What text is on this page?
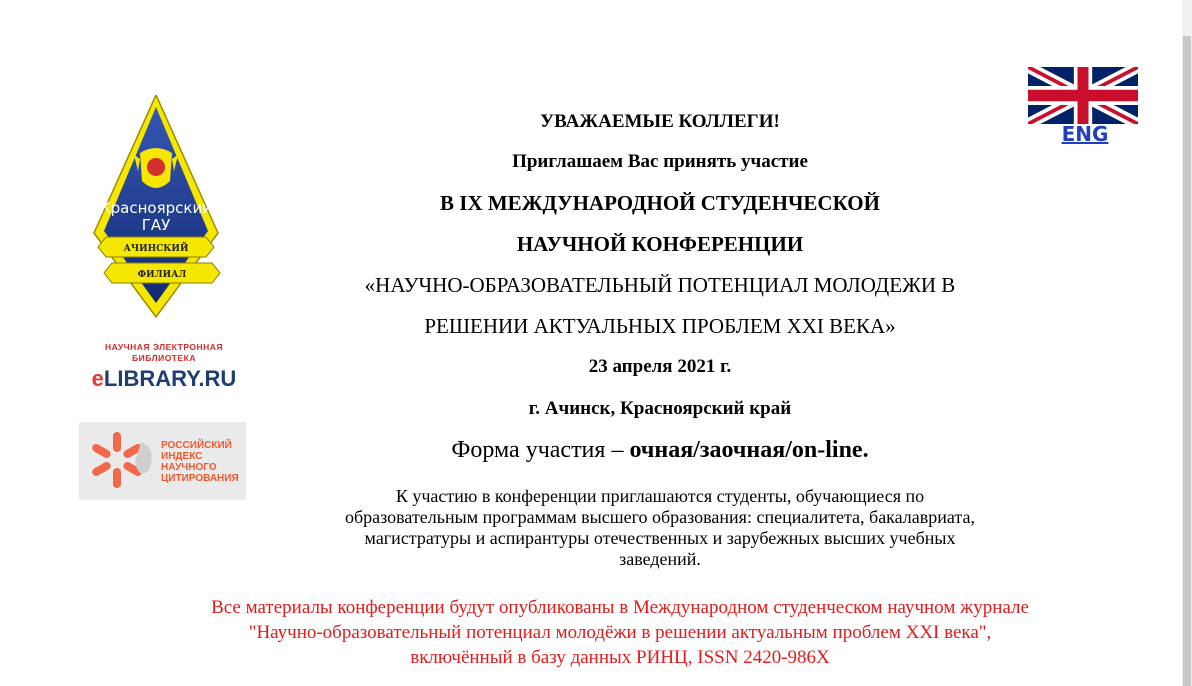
Красноярский
ГАУ
АЧИНСКИЙ
ФИЛИАЛ
НАУЧНАЯ ЭЛЕКТРОННАЯ
БИБЛИОТЕКА
eLIBRARY.RU
РОССИЙСКИЙ
ИНДЕКС
НАУЧНОГО
ЦИТИРОВАНИЯ
ENG
УВАЖАЕМЫЕ КОЛЛЕГИ!
Приглашаем Вас принять участие
В IX МЕЖДУНАРОДНОЙ СТУДЕНЧЕСКОЙ
НАУЧНОЙ КОНФЕРЕНЦИИ
«НАУЧНО-ОБРАЗОВАТЕЛЬНЫЙ ПОТЕНЦИАЛ МОЛОДЕЖИ В
РЕШЕНИИ АКТУАЛЬНЫХ ПРОБЛЕМ XXI ВЕКА»
23 апреля 2021 г.
г. Ачинск, Красноярский край
Форма участия – очная/заочная/on-line.
К участию в конференции приглашаются студенты, обучающиеся по
образовательным программам высшего образования: специалитета, бакалавриата,
магистратуры и аспирантуры отечественных и зарубежных высших учебных
заведений.
Все материалы конференции будут опубликованы в Международном студенческом научном журнале
"Научно-образовательный потенциал молодёжи в решении актуальным проблем XXI века",
включённый в базу данных РИНЦ, ISSN 2420-986X
